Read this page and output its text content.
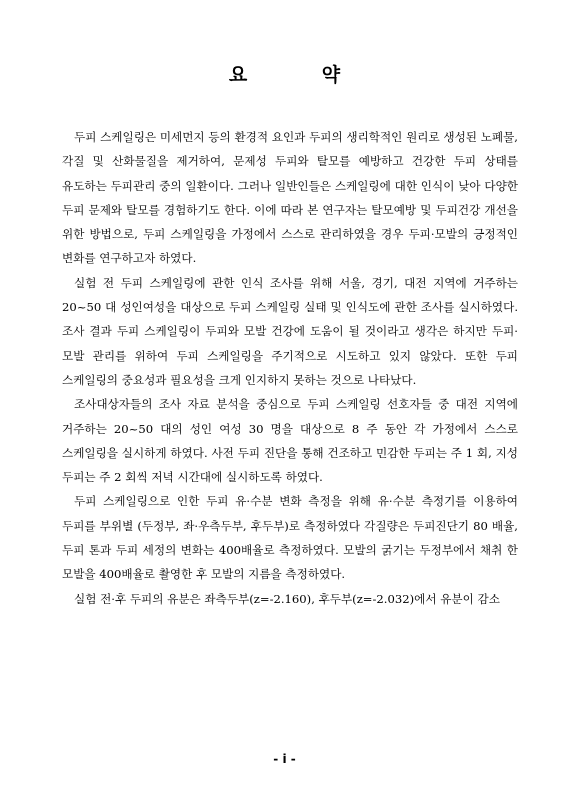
요 약

두피 스케일링은 미세먼지 등의 환경적 요인과 두피의 생리학적인 원리로 생성된 노폐물, 각질 및 산화물질을 제거하여, 문제성 두피와 탈모를 예방하고 건강한 두피 상태를 유도하는 두피관리 중의 일환이다. 그러나 일반인들은 스케일링에 대한 인식이 낮아 다양한 두피 문제와 탈모를 경험하기도 한다. 이에 따라 본 연구자는 탈모예방 및 두피건강 개선을 위한 방법으로, 두피 스케일링을 가정에서 스스로 관리하였을 경우 두피·모발의 긍정적인 변화를 연구하고자 하였다.

실험 전 두피 스케일링에 관한 인식 조사를 위해 서울, 경기, 대전 지역에 거주하는 20~50 대 성인여성을 대상으로 두피 스케일링 실태 및 인식도에 관한 조사를 실시하였다. 조사 결과 두피 스케일링이 두피와 모발 건강에 도움이 될 것이라고 생각은 하지만 두피·모발 관리를 위하여 두피 스케일링을 주기적으로 시도하고 있지 않았다. 또한 두피 스케일링의 중요성과 필요성을 크게 인지하지 못하는 것으로 나타났다.

조사대상자들의 조사 자료 분석을 중심으로 두피 스케일링 선호자들 중 대전 지역에 거주하는 20~50 대의 성인 여성 30 명을 대상으로 8 주 동안 각 가정에서 스스로 스케일링을 실시하게 하였다. 사전 두피 진단을 통해 건조하고 민감한 두피는 주 1 회, 지성 두피는 주 2 회씩 저녁 시간대에 실시하도록 하였다.

두피 스케일링으로 인한 두피 유·수분 변화 측정을 위해 유·수분 측정기를 이용하여 두피를 부위별 (두정부, 좌·우측두부, 후두부)로 측정하였다 각질량은 두피진단기 80 배율, 두피 톤과 두피 세정의 변화는 400배율로 측정하였다. 모발의 굵기는 두정부에서 채취 한 모발을 400배율로 촬영한 후 모발의 지름을 측정하였다.

실험 전·후 두피의 유분은 좌측두부(z=-2.160), 후두부(z=-2.032)에서 유분이 감소

- i -
